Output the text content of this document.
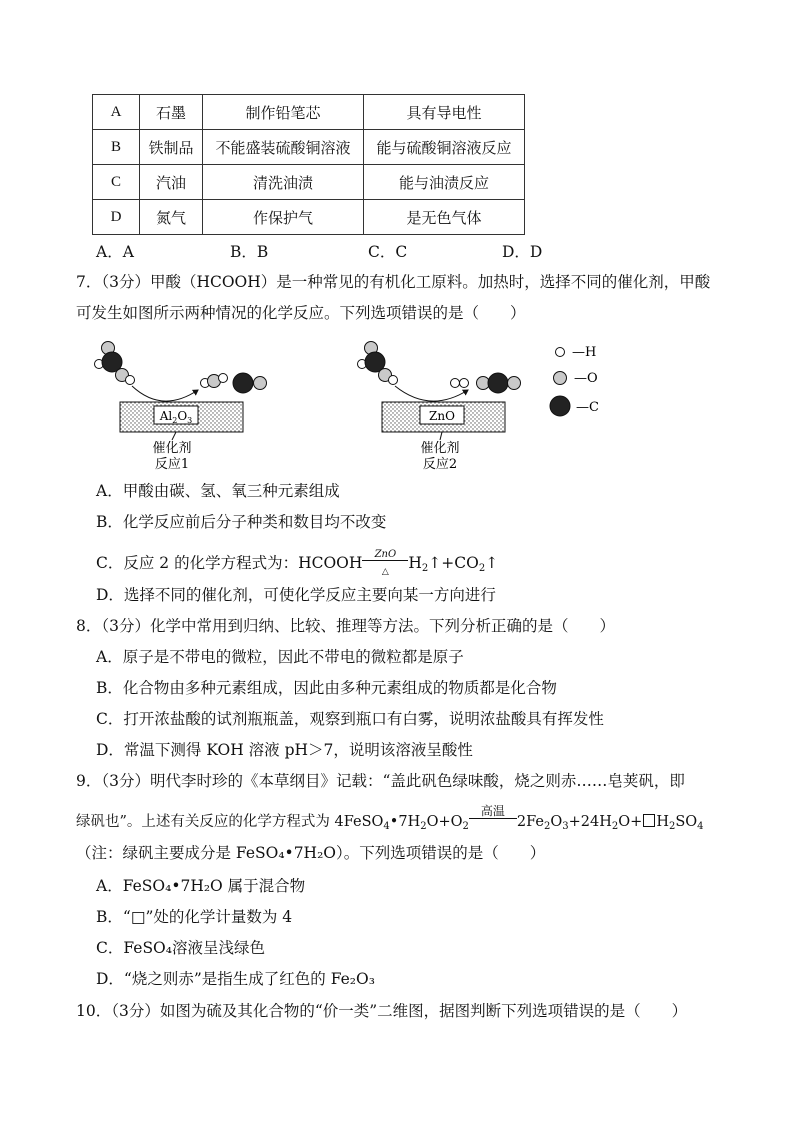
A	石墨	制作铅笔芯	具有导电性
B	铁制品	不能盛装硫酸铜溶液	能与硫酸铜溶液反应
C	汽油	清洗油渍	能与油渍反应
D	氮气	作保护气	是无色气体
A．A	B．B	C．C	D．D
7．（3分）甲酸（HCOOH）是一种常见的有机化工原料。加热时，选择不同的催化剂，甲酸
可发生如图所示两种情况的化学反应。下列选项错误的是（　　）
$Al_2O_3$
催化剂
反应1
ZnO
催化剂
反应2
—H
—O
—C
A．甲酸由碳、氢、氧三种元素组成
B．化学反应前后分子种类和数目均不改变
C．反应 2 的化学方程式为：HCOOH	ZnO
△	$H_2↑+CO_2↑$
D．选择不同的催化剂，可使化学反应主要向某一方向进行
8．（3分）化学中常用到归纳、比较、推理等方法。下列分析正确的是（　　）
A．原子是不带电的微粒，因此不带电的微粒都是原子
B．化合物由多种元素组成，因此由多种元素组成的物质都是化合物
C．打开浓盐酸的试剂瓶瓶盖，观察到瓶口有白雾，说明浓盐酸具有挥发性
D．常温下测得 KOH 溶液 pH＞7，说明该溶液呈酸性
9．（3分）明代李时珍的《本草纲目》记载：“盖此矾色绿味酸，烧之则赤……皂荚矾，即
绿矾也”。上述有关反应的化学方程式为 $4FeSO_4•7H_2O+O_2$
高温
$2Fe_2O_3+24H_2O+ H_2SO_4$
（注：绿矾主要成分是 FeSO₄•7H₂O）。下列选项错误的是（　　）
A．FeSO₄•7H₂O 属于混合物
B．“□”处的化学计量数为 4
C．FeSO₄溶液呈浅绿色
D．“烧之则赤”是指生成了红色的 Fe₂O₃
10．（3分）如图为硫及其化合物的“价一类”二维图，据图判断下列选项错误的是（　　）
